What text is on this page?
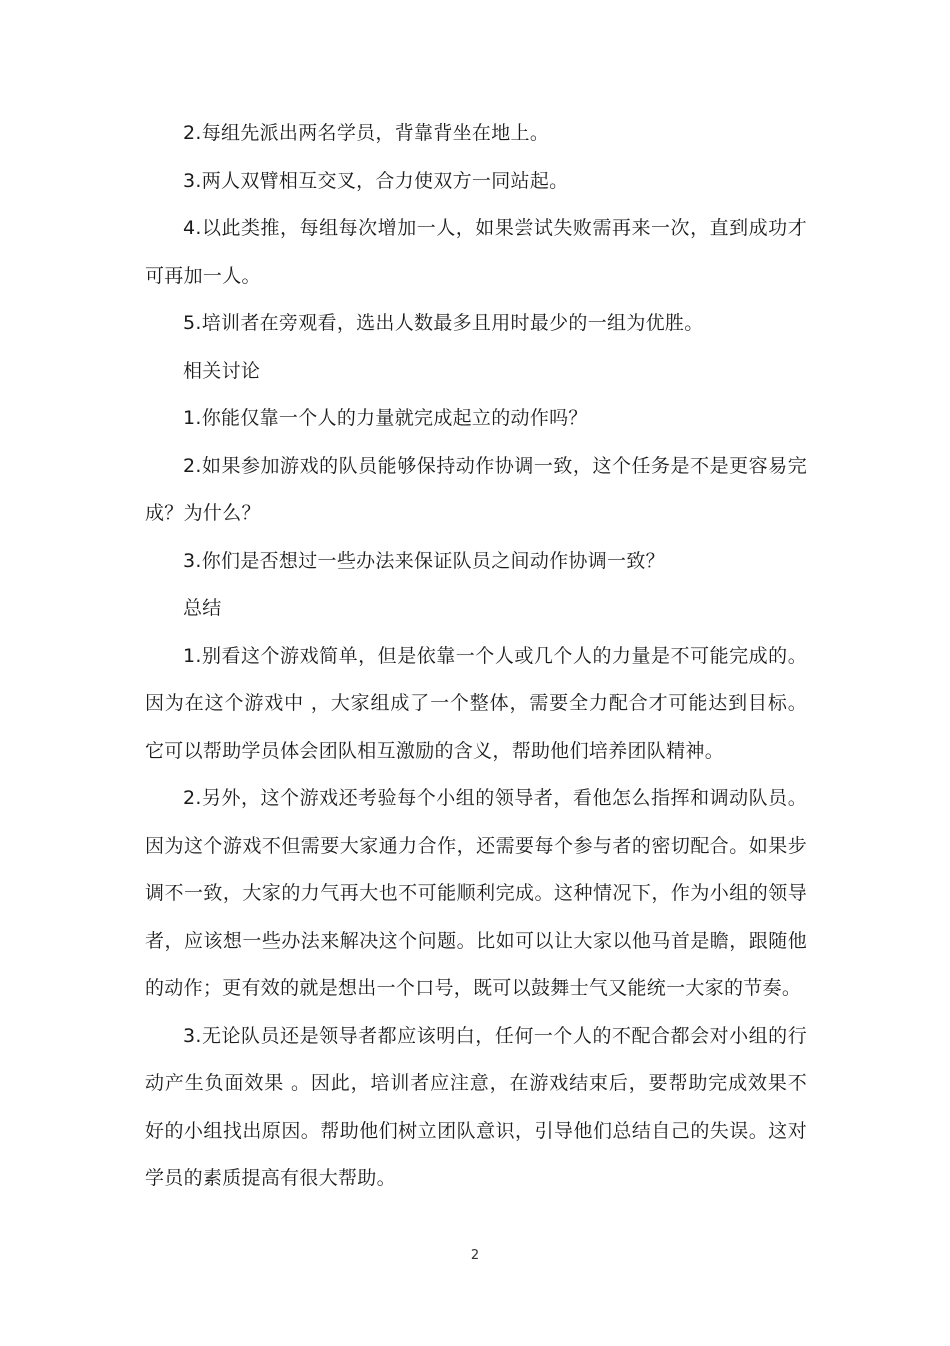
2.每组先派出两名学员，背靠背坐在地上。

3.两人双臂相互交叉，合力使双方一同站起。

4.以此类推，每组每次增加一人，如果尝试失败需再来一次，直到成功才可再加一人。

5.培训者在旁观看，选出人数最多且用时最少的一组为优胜。

相关讨论

1.你能仅靠一个人的力量就完成起立的动作吗？

2.如果参加游戏的队员能够保持动作协调一致，这个任务是不是更容易完成？为什么？

3.你们是否想过一些办法来保证队员之间动作协调一致？

总结

1.别看这个游戏简单，但是依靠一个人或几个人的力量是不可能完成的。因为在这个游戏中 ，大家组成了一个整体，需要全力配合才可能达到目标。它可以帮助学员体会团队相互激励的含义，帮助他们培养团队精神。

2.另外，这个游戏还考验每个小组的领导者，看他怎么指挥和调动队员。因为这个游戏不但需要大家通力合作，还需要每个参与者的密切配合。如果步调不一致，大家的力气再大也不可能顺利完成。这种情况下，作为小组的领导者，应该想一些办法来解决这个问题。比如可以让大家以他马首是瞻，跟随他的动作；更有效的就是想出一个口号，既可以鼓舞士气又能统一大家的节奏。

3.无论队员还是领导者都应该明白，任何一个人的不配合都会对小组的行动产生负面效果 。因此，培训者应注意，在游戏结束后，要帮助完成效果不好的小组找出原因。帮助他们树立团队意识，引导他们总结自己的失误。这对学员的素质提高有很大帮助。

2
